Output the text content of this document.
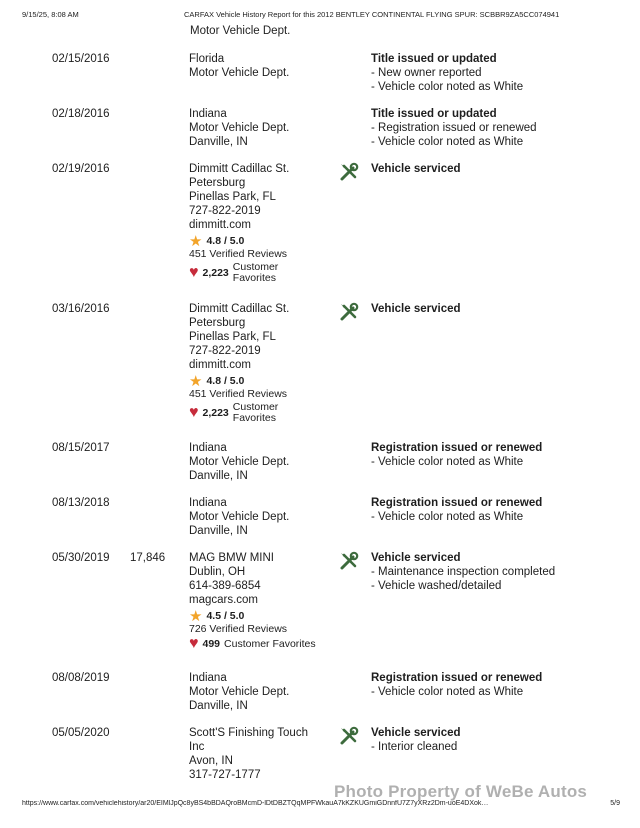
9/15/25, 8:08 AM	CARFAX Vehicle History Report for this 2012 BENTLEY CONTINENTAL FLYING SPUR: SCBBR9ZA5CC074941
Motor Vehicle Dept.
02/15/2016	Florida
Motor Vehicle Dept.
Title issued or updated
- New owner reported
- Vehicle color noted as White
02/18/2016	Indiana
Motor Vehicle Dept.
Danville, IN
Title issued or updated
- Registration issued or renewed
- Vehicle color noted as White
02/19/2016	Dimmitt Cadillac St.
Petersburg
Pinellas Park, FL
727-822-2019
dimmitt.com
★ 4.8 / 5.0
451 Verified Reviews
♥ 2,223 Customer Favorites
Vehicle serviced
03/16/2016	Dimmitt Cadillac St.
Petersburg
Pinellas Park, FL
727-822-2019
dimmitt.com
★ 4.8 / 5.0
451 Verified Reviews
♥ 2,223 Customer Favorites
Vehicle serviced
08/15/2017	Indiana
Motor Vehicle Dept.
Danville, IN
Registration issued or renewed
- Vehicle color noted as White
08/13/2018	Indiana
Motor Vehicle Dept.
Danville, IN
Registration issued or renewed
- Vehicle color noted as White
05/30/2019 17,846 MAG BMW MINI
Dublin, OH
614-389-6854
magcars.com
★ 4.5 / 5.0
726 Verified Reviews
♥ 499 Customer Favorites
Vehicle serviced
- Maintenance inspection completed
- Vehicle washed/detailed
08/08/2019	Indiana
Motor Vehicle Dept.
Danville, IN
Registration issued or renewed
- Vehicle color noted as White
05/05/2020	Scott'S Finishing Touch
Inc
Avon, IN
317-727-1777
Vehicle serviced
- Interior cleaned
Photo Property of WeBe Autos
https://www.carfax.com/vehiclehistory/ar20/EIMlJpQc8yBS4bBDAQroBMcmD-lDtDBZTQqMPFWkauA7kKZKUGmiGDnnfU7Z7yXRz2Dm-uoE4DXok…	5/9
